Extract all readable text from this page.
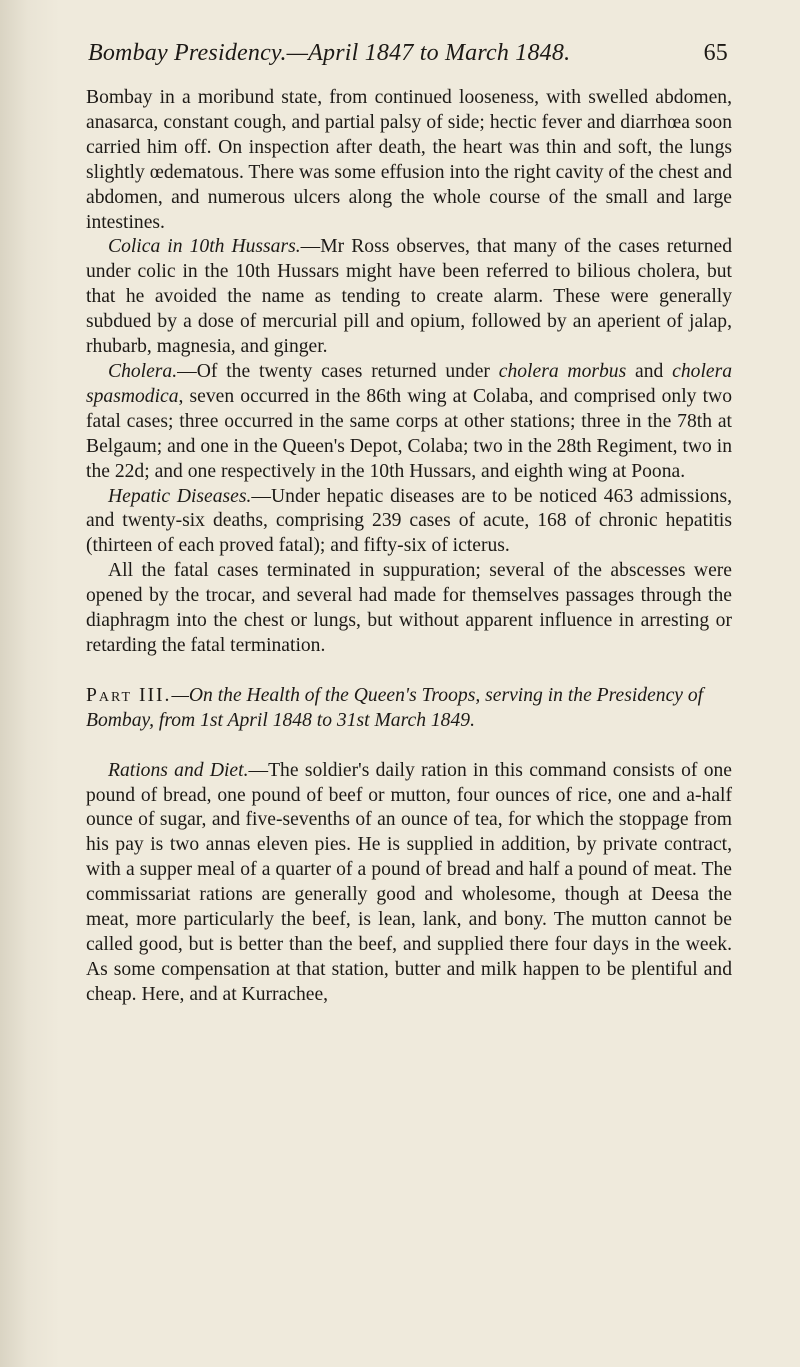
Bombay Presidency.—April 1847 to March 1848.	65

Bombay in a moribund state, from continued looseness, with swelled abdomen, anasarca, constant cough, and partial palsy of side; hectic fever and diarrhœa soon carried him off. On inspection after death, the heart was thin and soft, the lungs slightly œdematous. There was some effusion into the right cavity of the chest and abdomen, and numerous ulcers along the whole course of the small and large intestines.

Colica in 10th Hussars.—Mr Ross observes, that many of the cases returned under colic in the 10th Hussars might have been referred to bilious cholera, but that he avoided the name as tending to create alarm. These were generally subdued by a dose of mercurial pill and opium, followed by an aperient of jalap, rhubarb, magnesia, and ginger.

Cholera.—Of the twenty cases returned under cholera morbus and cholera spasmodica, seven occurred in the 86th wing at Colaba, and comprised only two fatal cases; three occurred in the same corps at other stations; three in the 78th at Belgaum; and one in the Queen's Depot, Colaba; two in the 28th Regiment, two in the 22d; and one respectively in the 10th Hussars, and eighth wing at Poona.

Hepatic Diseases.—Under hepatic diseases are to be noticed 463 admissions, and twenty-six deaths, comprising 239 cases of acute, 168 of chronic hepatitis (thirteen of each proved fatal); and fifty-six of icterus.

All the fatal cases terminated in suppuration; several of the abscesses were opened by the trocar, and several had made for themselves passages through the diaphragm into the chest or lungs, but without apparent influence in arresting or retarding the fatal termination.

Part III.—On the Health of the Queen's Troops, serving in the Presidency of Bombay, from 1st April 1848 to 31st March 1849.

Rations and Diet.—The soldier's daily ration in this command consists of one pound of bread, one pound of beef or mutton, four ounces of rice, one and a-half ounce of sugar, and five-sevenths of an ounce of tea, for which the stoppage from his pay is two annas eleven pies. He is supplied in addition, by private contract, with a supper meal of a quarter of a pound of bread and half a pound of meat. The commissariat rations are generally good and wholesome, though at Deesa the meat, more particularly the beef, is lean, lank, and bony. The mutton cannot be called good, but is better than the beef, and supplied there four days in the week. As some compensation at that station, butter and milk happen to be plentiful and cheap. Here, and at Kurrachee,
